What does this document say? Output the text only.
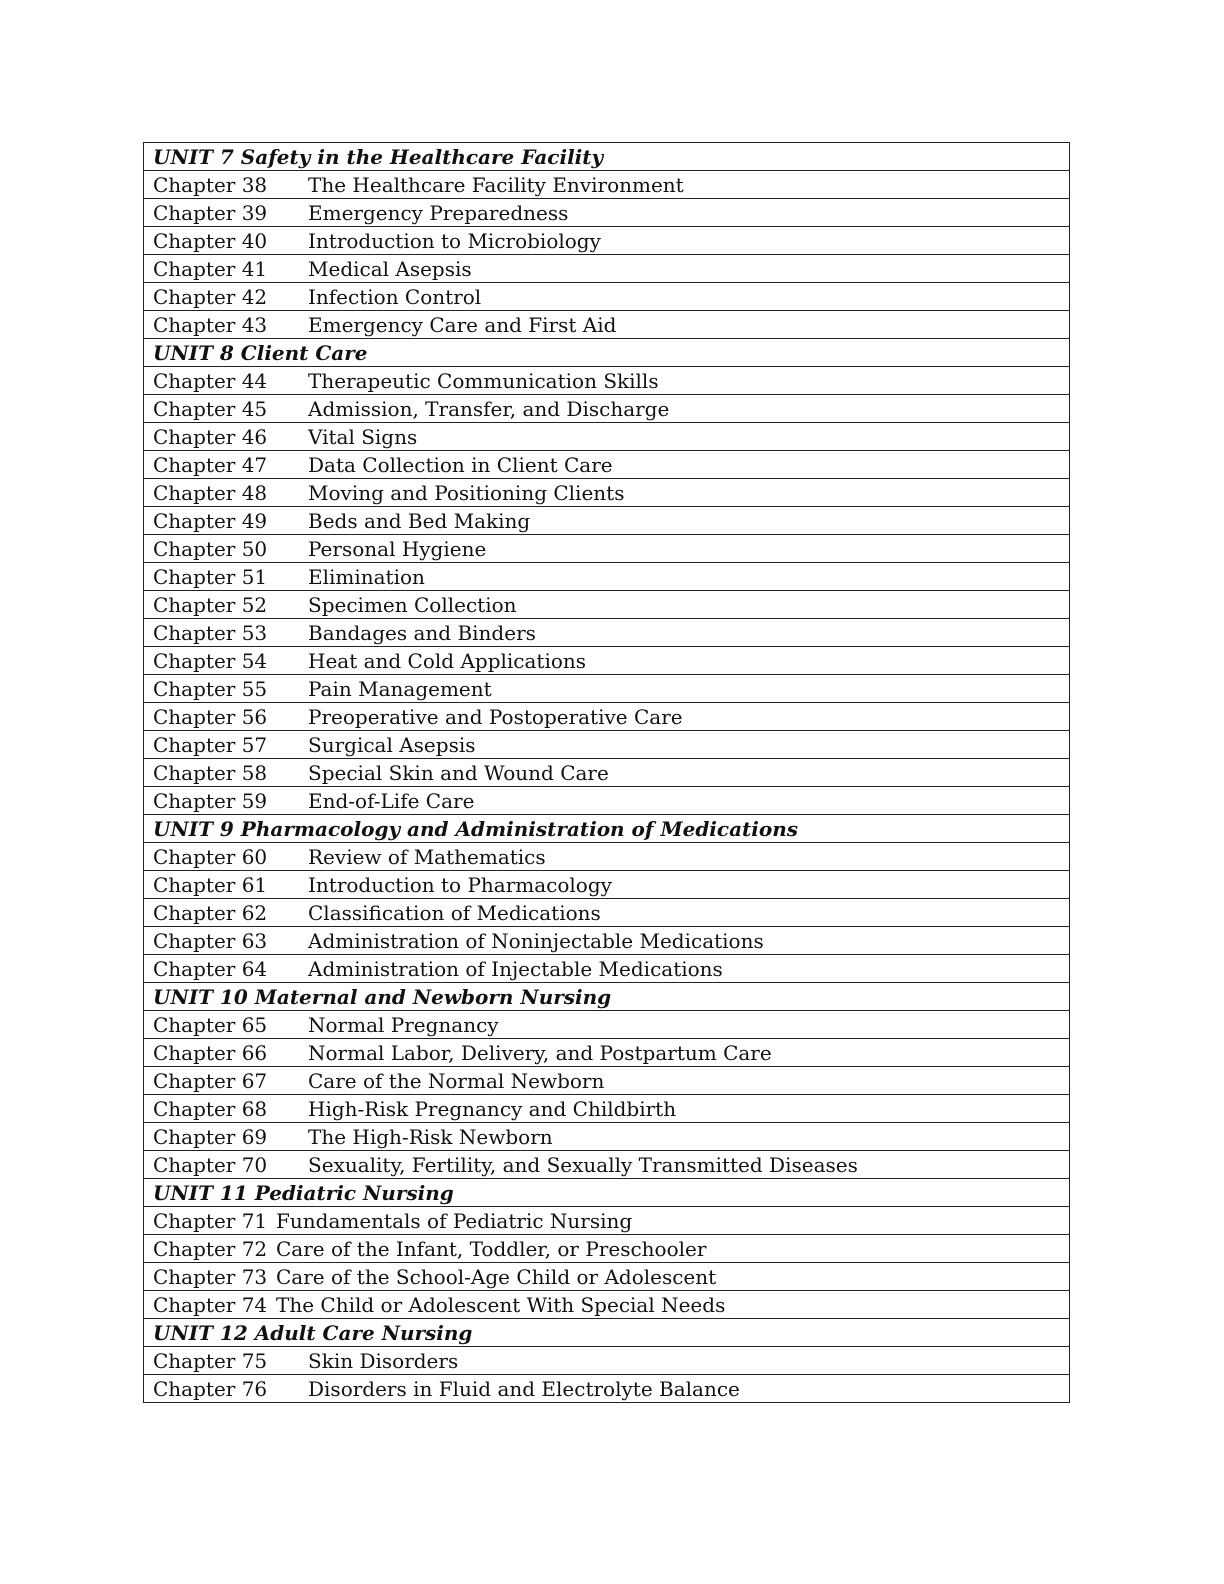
UNIT 7 Safety in the Healthcare Facility
Chapter 38 The Healthcare Facility Environment
Chapter 39 Emergency Preparedness
Chapter 40 Introduction to Microbiology
Chapter 41 Medical Asepsis
Chapter 42 Infection Control
Chapter 43 Emergency Care and First Aid
UNIT 8 Client Care
Chapter 44 Therapeutic Communication Skills
Chapter 45 Admission, Transfer, and Discharge
Chapter 46 Vital Signs
Chapter 47 Data Collection in Client Care
Chapter 48 Moving and Positioning Clients
Chapter 49 Beds and Bed Making
Chapter 50 Personal Hygiene
Chapter 51 Elimination
Chapter 52 Specimen Collection
Chapter 53 Bandages and Binders
Chapter 54 Heat and Cold Applications
Chapter 55 Pain Management
Chapter 56 Preoperative and Postoperative Care
Chapter 57 Surgical Asepsis
Chapter 58 Special Skin and Wound Care
Chapter 59 End-of-Life Care
UNIT 9 Pharmacology and Administration of Medications
Chapter 60 Review of Mathematics
Chapter 61 Introduction to Pharmacology
Chapter 62 Classification of Medications
Chapter 63 Administration of Noninjectable Medications
Chapter 64 Administration of Injectable Medications
UNIT 10 Maternal and Newborn Nursing
Chapter 65 Normal Pregnancy
Chapter 66 Normal Labor, Delivery, and Postpartum Care
Chapter 67 Care of the Normal Newborn
Chapter 68 High-Risk Pregnancy and Childbirth
Chapter 69 The High-Risk Newborn
Chapter 70 Sexuality, Fertility, and Sexually Transmitted Diseases
UNIT 11 Pediatric Nursing
Chapter 71 Fundamentals of Pediatric Nursing
Chapter 72 Care of the Infant, Toddler, or Preschooler
Chapter 73 Care of the School-Age Child or Adolescent
Chapter 74 The Child or Adolescent With Special Needs
UNIT 12 Adult Care Nursing
Chapter 75 Skin Disorders
Chapter 76 Disorders in Fluid and Electrolyte Balance
